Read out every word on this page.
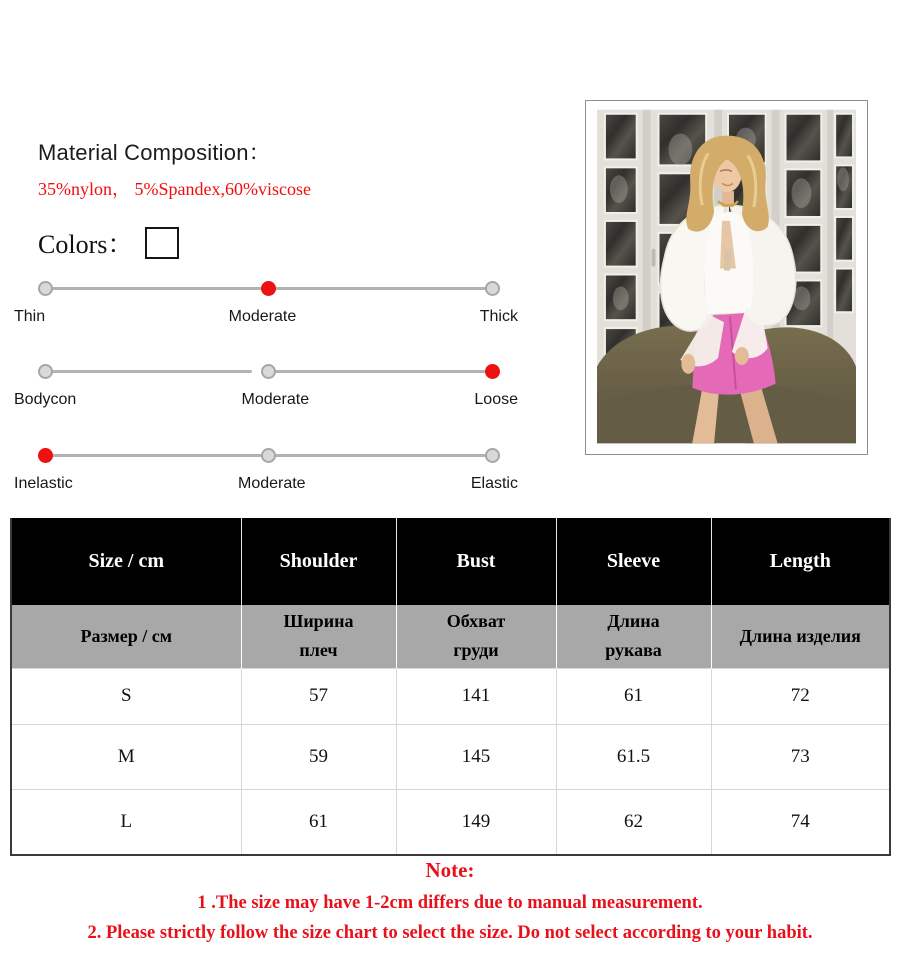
Material Composition：
35%nylon， 5%Spandex,60%viscose
Colors：
Thin	Moderate	Thick
Bodycon	Moderate	Loose
Inelastic	Moderate	Elastic
Size / cm	Shoulder	Bust	Sleeve	Length
Размер / см	Ширина плеч	Обхват груди	Длина рукава	Длина изделия
S	57	141	61	72
M	59	145	61.5	73
L	61	149	62	74
Note:
1 .The size may have 1-2cm differs due to manual measurement.
2. Please strictly follow the size chart to select the size. Do not select according to your habit.
